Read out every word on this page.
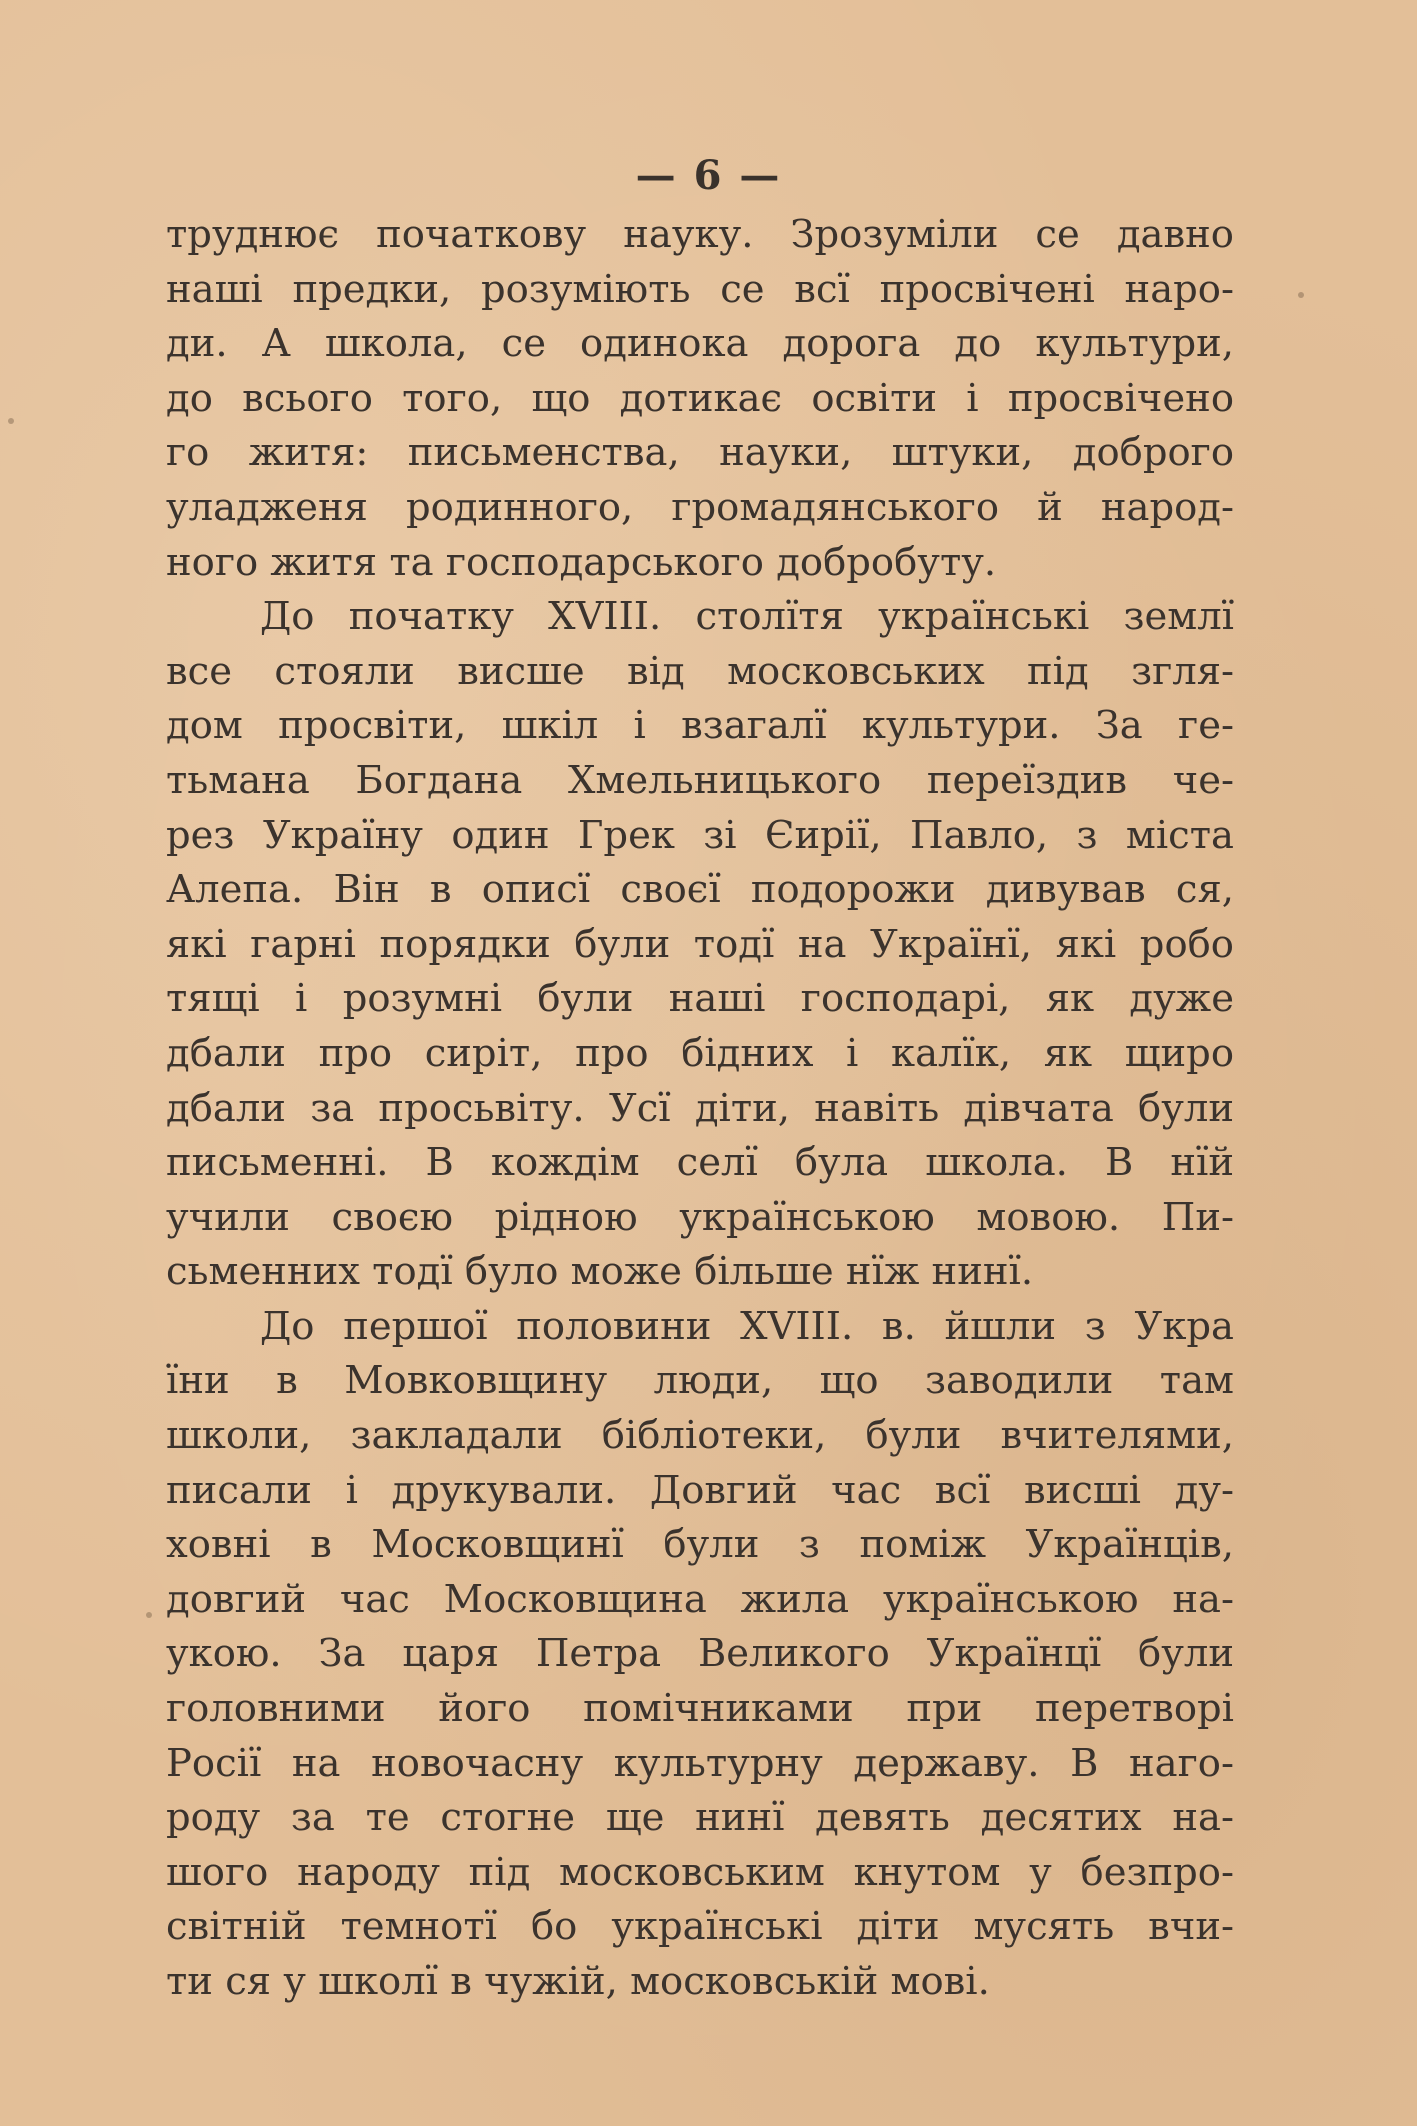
— 6 —
труднює початкову науку. Зрозуміли се давно
наші предки, розуміють се всї просвічені наро-
ди. А школа, се одинока дорога до культури,
до всього того, що дотикає освіти і просвічено
го житя: письменства, науки, штуки, доброго
уладженя родинного, громадянського й народ-
ного житя та господарського добробуту.
До початку XVIII. столїтя українські землї
все стояли висше від московських під згля-
дом просвіти, шкіл і взагалї культури. За ге-
тьмана Богдана Хмельницького переїздив че-
рез Україну один Грек зі Єирії, Павло, з міста
Алепа. Він в описї своєї подорожи дивував ся,
які гарні порядки були тодї на Українї, які робо
тящі і розумні були наші господарі, як дуже
дбали про сиріт, про бідних і калїк, як щиро
дбали за просьвіту. Усї діти, навіть дівчата були
письменні. В кождім селї була школа. В нїй
учили своєю рідною українською мовою. Пи-
сьменних тодї було може більше нїж нинї.
До першої половини XVIII. в. йшли з Укра
їни в Мовковщину люди, що заводили там
школи, закладали бібліотеки, були вчителями,
писали і друкували. Довгий час всї висші ду-
ховні в Московщинї були з поміж Українців,
довгий час Московщина жила українською на-
укою. За царя Петра Великого Українцї були
головними його помічниками при перетворі
Росії на новочасну культурну державу. В наго-
роду за те стогне ще нинї девять десятих на-
шого народу під московським кнутом у безпро-
світній темнотї бо українські діти мусять вчи-
ти ся у школї в чужій, московській мові.
